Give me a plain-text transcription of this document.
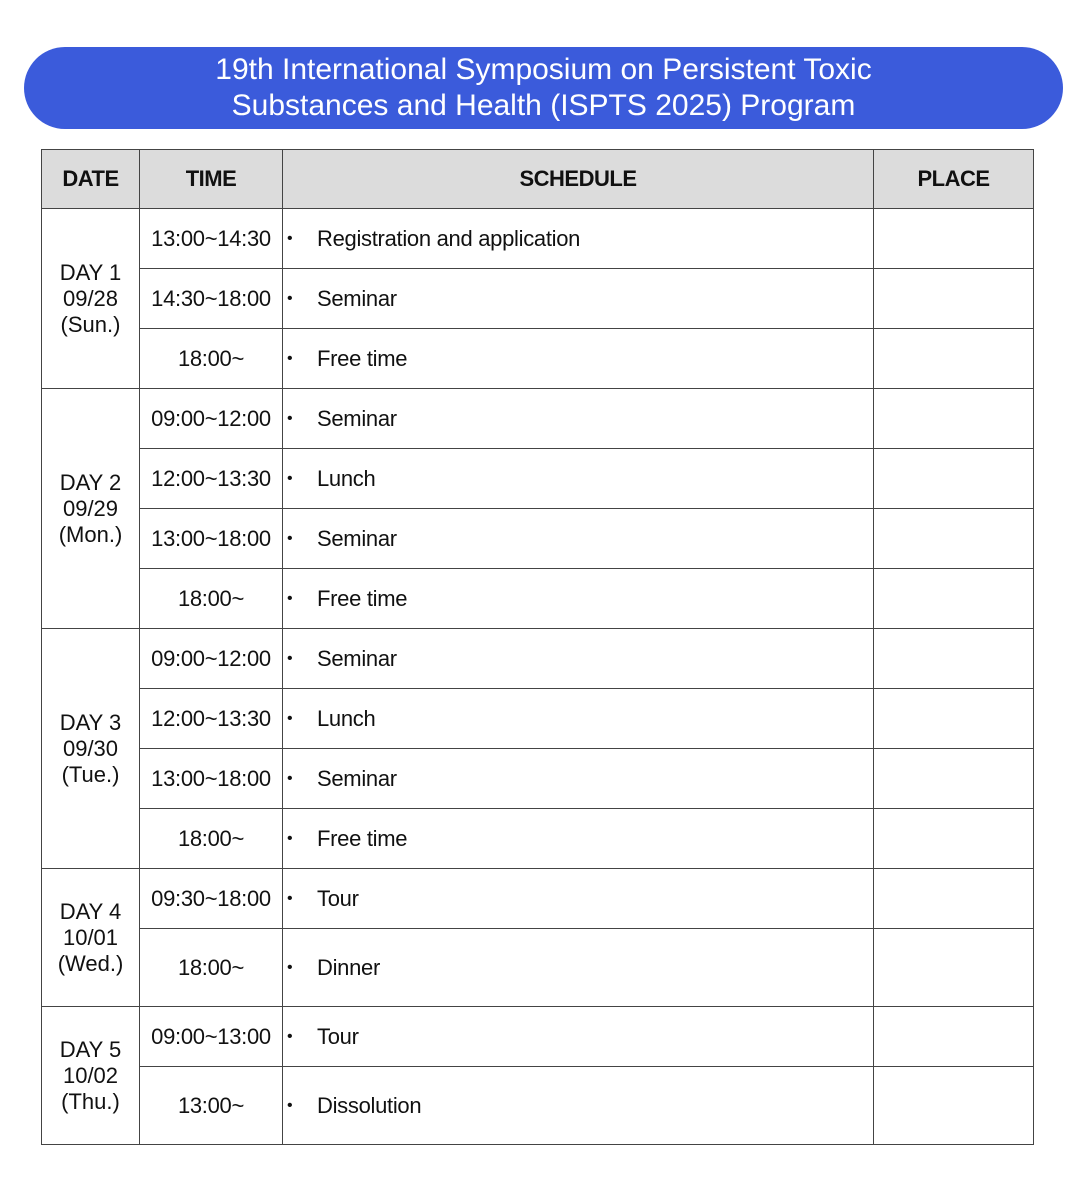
19th International Symposium on Persistent Toxic
Substances and Health (ISPTS 2025) Program
DATE	TIME	SCHEDULE	PLACE

DAY 1
09/28
(Sun.)	13:00~14:30	• Registration and application	
	14:30~18:00	• Seminar	
	18:00~	• Free time	

DAY 2
09/29
(Mon.)	09:00~12:00	• Seminar	
	12:00~13:30	• Lunch	
	13:00~18:00	• Seminar	
	18:00~	• Free time	

DAY 3
09/30
(Tue.)	09:00~12:00	• Seminar	
	12:00~13:30	• Lunch	
	13:00~18:00	• Seminar	
	18:00~	• Free time	

DAY 4
10/01
(Wed.)	09:30~18:00	• Tour	
	18:00~	• Dinner	

DAY 5
10/02
(Thu.)	09:00~13:00	• Tour	
	13:00~	• Dissolution	
